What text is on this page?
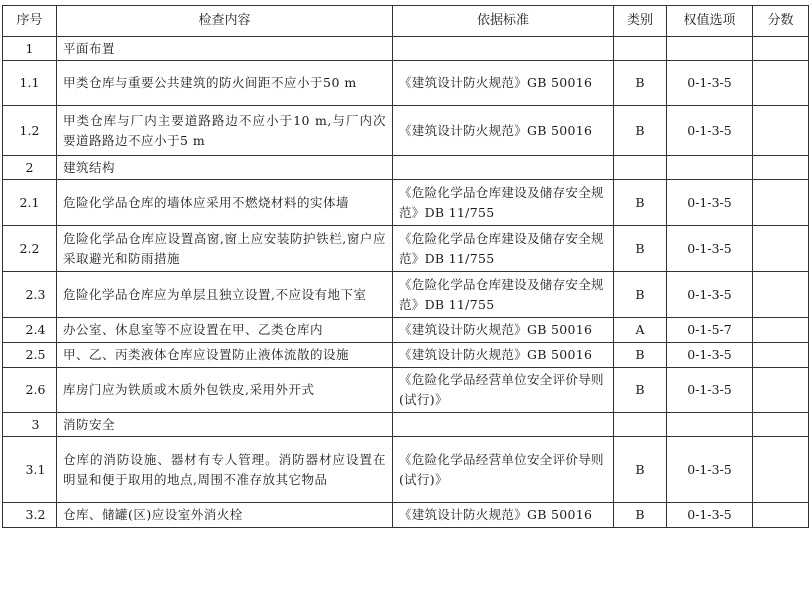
序号	检查内容	依据标准	类别	权值选项	分数
1	平面布置				
1.1	甲类仓库与重要公共建筑的防火间距不应小于50 m	《建筑设计防火规范》GB 50016	B	0-1-3-5	
1.2	甲类仓库与厂内主要道路路边不应小于10 m,与厂内次要道路路边不应小于5 m	《建筑设计防火规范》GB 50016	B	0-1-3-5	
2	建筑结构				
2.1	危险化学品仓库的墙体应采用不燃烧材料的实体墙	《危险化学品仓库建设及储存安全规范》DB 11/755	B	0-1-3-5	
2.2	危险化学品仓库应设置高窗,窗上应安装防护铁栏,窗户应采取避光和防雨措施	《危险化学品仓库建设及储存安全规范》DB 11/755	B	0-1-3-5	
2.3	危险化学品仓库应为单层且独立设置,不应设有地下室	《危险化学品仓库建设及储存安全规范》DB 11/755	B	0-1-3-5	
2.4	办公室、休息室等不应设置在甲、乙类仓库内	《建筑设计防火规范》GB 50016	A	0-1-5-7	
2.5	甲、乙、丙类液体仓库应设置防止液体流散的设施	《建筑设计防火规范》GB 50016	B	0-1-3-5	
2.6	库房门应为铁质或木质外包铁皮,采用外开式	《危险化学品经营单位安全评价导则(试行)》	B	0-1-3-5	
3	消防安全				
3.1	仓库的消防设施、器材有专人管理。消防器材应设置在明显和便于取用的地点,周围不准存放其它物品	《危险化学品经营单位安全评价导则(试行)》	B	0-1-3-5	
3.2	仓库、储罐(区)应设室外消火栓	《建筑设计防火规范》GB 50016	B	0-1-3-5	
